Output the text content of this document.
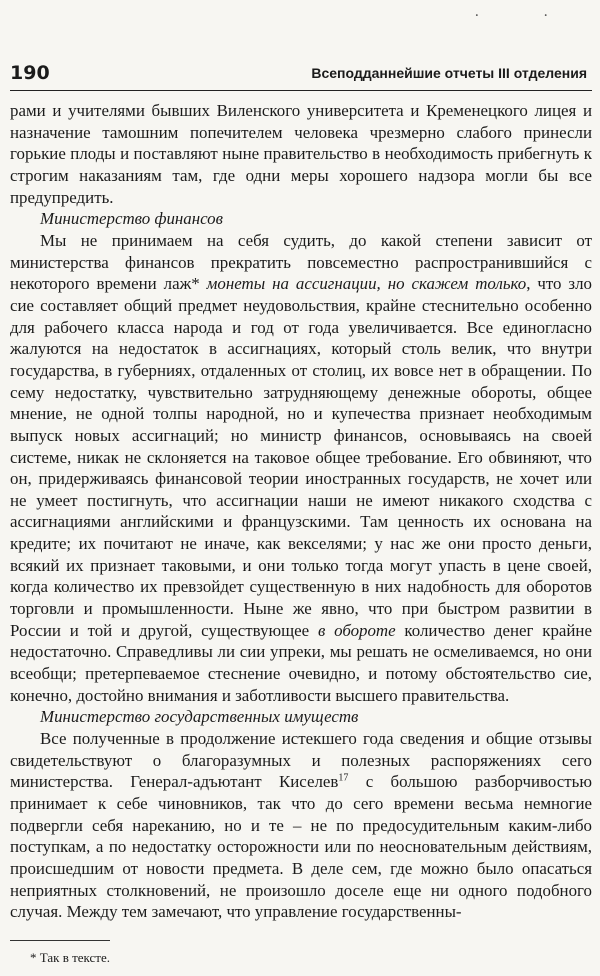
· ·
190	Всеподданнейшие отчеты III отделения

рами и учителями бывших Виленского университета и Кременецкого лицея и назначение тамошним попечителем человека чрезмерно слабого принесли горькие плоды и поставляют ныне правительство в необходимость прибегнуть к строгим наказаниям там, где одни меры хорошего надзора могли бы все предупредить.

Министерство финансов

Мы не принимаем на себя судить, до какой степени зависит от министерства финансов прекратить повсеместно распространившийся с некоторого времени лаж* монеты на ассигнации, но скажем только, что зло сие составляет общий предмет неудовольствия, крайне стеснительно особенно для рабочего класса народа и год от года увеличивается. Все единогласно жалуются на недостаток в ассигнациях, который столь велик, что внутри государства, в губерниях, отдаленных от столиц, их вовсе нет в обращении. По сему недостатку, чувствительно затрудняющему денежные обороты, общее мнение, не одной толпы народной, но и купечества признает необходимым выпуск новых ассигнаций; но министр финансов, основываясь на своей системе, никак не склоняется на таковое общее требование. Его обвиняют, что он, придерживаясь финансовой теории иностранных государств, не хочет или не умеет постигнуть, что ассигнации наши не имеют никакого сходства с ассигнациями английскими и французскими. Там ценность их основана на кредите; их почитают не иначе, как векселями; у нас же они просто деньги, всякий их признает таковыми, и они только тогда могут упасть в цене своей, когда количество их превзойдет существенную в них надобность для оборотов торговли и промышленности. Ныне же явно, что при быстром развитии в России и той и другой, существующее в обороте количество денег крайне недостаточно. Справедливы ли сии упреки, мы решать не осмеливаемся, но они всеобщи; претерпеваемое стеснение очевидно, и потому обстоятельство сие, конечно, достойно внимания и заботливости высшего правительства.

Министерство государственных имуществ

Все полученные в продолжение истекшего года сведения и общие отзывы свидетельствуют о благоразумных и полезных распоряжениях сего министерства. Генерал-адъютант Киселев$^{17}$ с большою разборчивостью принимает к себе чиновников, так что до сего времени весьма немногие подвергли себя нареканию, но и те – не по предосудительным каким-либо поступкам, а по недостатку осторожности или по неосновательным действиям, происшедшим от новости предмета. В деле сем, где можно было опасаться неприятных столкновений, не произошло доселе еще ни одного подобного случая. Между тем замечают, что управление государственны-

* Так в тексте.
